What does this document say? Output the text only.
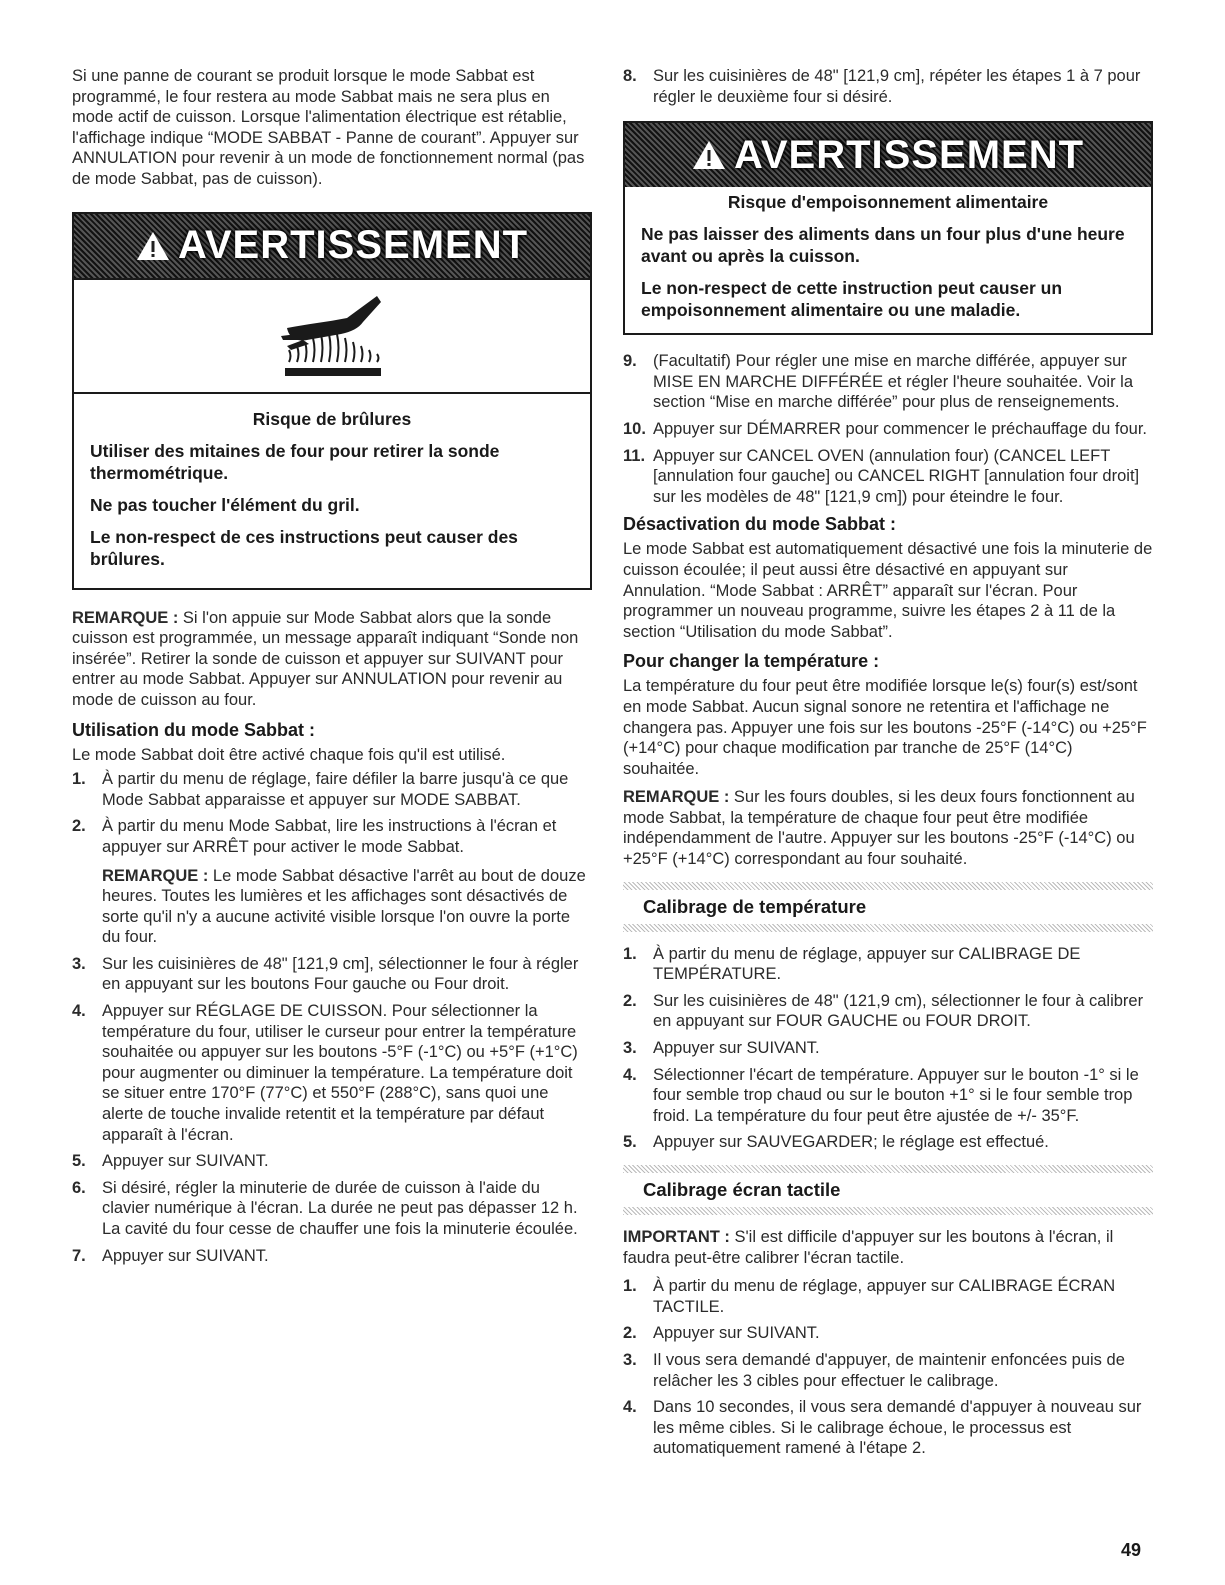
Si une panne de courant se produit lorsque le mode Sabbat est programmé, le four restera au mode Sabbat mais ne sera plus en mode actif de cuisson. Lorsque l'alimentation électrique est rétablie, l'affichage indique “MODE SABBAT - Panne de courant”. Appuyer sur ANNULATION pour revenir à un mode de fonctionnement normal (pas de mode Sabbat, pas de cuisson).

AVERTISSEMENT

Risque de brûlures

Utiliser des mitaines de four pour retirer la sonde thermométrique.

Ne pas toucher l'élément du gril.

Le non-respect de ces instructions peut causer des brûlures.

REMARQUE : Si l'on appuie sur Mode Sabbat alors que la sonde cuisson est programmée, un message apparaît indiquant “Sonde non insérée”. Retirer la sonde de cuisson et appuyer sur SUIVANT pour entrer au mode Sabbat. Appuyer sur ANNULATION pour revenir au mode de cuisson au four.

Utilisation du mode Sabbat :

Le mode Sabbat doit être activé chaque fois qu'il est utilisé.

1. À partir du menu de réglage, faire défiler la barre jusqu'à ce que Mode Sabbat apparaisse et appuyer sur MODE SABBAT.

2. À partir du menu Mode Sabbat, lire les instructions à l'écran et appuyer sur ARRÊT pour activer le mode Sabbat.

REMARQUE : Le mode Sabbat désactive l'arrêt au bout de douze heures. Toutes les lumières et les affichages sont désactivés de sorte qu'il n'y a aucune activité visible lorsque l'on ouvre la porte du four.

3. Sur les cuisinières de 48" [121,9 cm], sélectionner le four à régler en appuyant sur les boutons Four gauche ou Four droit.

4. Appuyer sur RÉGLAGE DE CUISSON. Pour sélectionner la température du four, utiliser le curseur pour entrer la température souhaitée ou appuyer sur les boutons -5°F (-1°C) ou +5°F (+1°C) pour augmenter ou diminuer la température. La température doit se situer entre 170°F (77°C) et 550°F (288°C), sans quoi une alerte de touche invalide retentit et la température par défaut apparaît à l'écran.

5. Appuyer sur SUIVANT.

6. Si désiré, régler la minuterie de durée de cuisson à l'aide du clavier numérique à l'écran. La durée ne peut pas dépasser 12 h. La cavité du four cesse de chauffer une fois la minuterie écoulée.

7. Appuyer sur SUIVANT.

8. Sur les cuisinières de 48" [121,9 cm], répéter les étapes 1 à 7 pour régler le deuxième four si désiré.

AVERTISSEMENT

Risque d'empoisonnement alimentaire

Ne pas laisser des aliments dans un four plus d'une heure avant ou après la cuisson.

Le non-respect de cette instruction peut causer un empoisonnement alimentaire ou une maladie.

9. (Facultatif) Pour régler une mise en marche différée, appuyer sur MISE EN MARCHE DIFFÉRÉE et régler l'heure souhaitée. Voir la section “Mise en marche différée” pour plus de renseignements.

10. Appuyer sur DÉMARRER pour commencer le préchauffage du four.

11. Appuyer sur CANCEL OVEN (annulation four) (CANCEL LEFT [annulation four gauche] ou CANCEL RIGHT [annulation four droit] sur les modèles de 48" [121,9 cm]) pour éteindre le four.

Désactivation du mode Sabbat :

Le mode Sabbat est automatiquement désactivé une fois la minuterie de cuisson écoulée; il peut aussi être désactivé en appuyant sur Annulation. “Mode Sabbat : ARRÊT” apparaît sur l'écran. Pour programmer un nouveau programme, suivre les étapes 2 à 11 de la section “Utilisation du mode Sabbat”.

Pour changer la température :

La température du four peut être modifiée lorsque le(s) four(s) est/sont en mode Sabbat. Aucun signal sonore ne retentira et l'affichage ne changera pas. Appuyer une fois sur les boutons -25°F (-14°C) ou +25°F (+14°C) pour chaque modification par tranche de 25°F (14°C) souhaitée.

REMARQUE : Sur les fours doubles, si les deux fours fonctionnent au mode Sabbat, la température de chaque four peut être modifiée indépendamment de l'autre. Appuyer sur les boutons -25°F (-14°C) ou +25°F (+14°C) correspondant au four souhaité.

Calibrage de température
1. À partir du menu de réglage, appuyer sur CALIBRAGE DE TEMPÉRATURE.

2. Sur les cuisinières de 48" (121,9 cm), sélectionner le four à calibrer en appuyant sur FOUR GAUCHE ou FOUR DROIT.

3. Appuyer sur SUIVANT.

4. Sélectionner l'écart de température. Appuyer sur le bouton -1° si le four semble trop chaud ou sur le bouton +1° si le four semble trop froid. La température du four peut être ajustée de +/- 35°F.

5. Appuyer sur SAUVEGARDER; le réglage est effectué.

Calibrage écran tactile

IMPORTANT : S'il est difficile d'appuyer sur les boutons à l'écran, il faudra peut-être calibrer l'écran tactile.

1. À partir du menu de réglage, appuyer sur CALIBRAGE ÉCRAN TACTILE.

2. Appuyer sur SUIVANT.

3. Il vous sera demandé d'appuyer, de maintenir enfoncées puis de relâcher les 3 cibles pour effectuer le calibrage.

4. Dans 10 secondes, il vous sera demandé d'appuyer à nouveau sur les même cibles. Si le calibrage échoue, le processus est automatiquement ramené à l'étape 2.

49
